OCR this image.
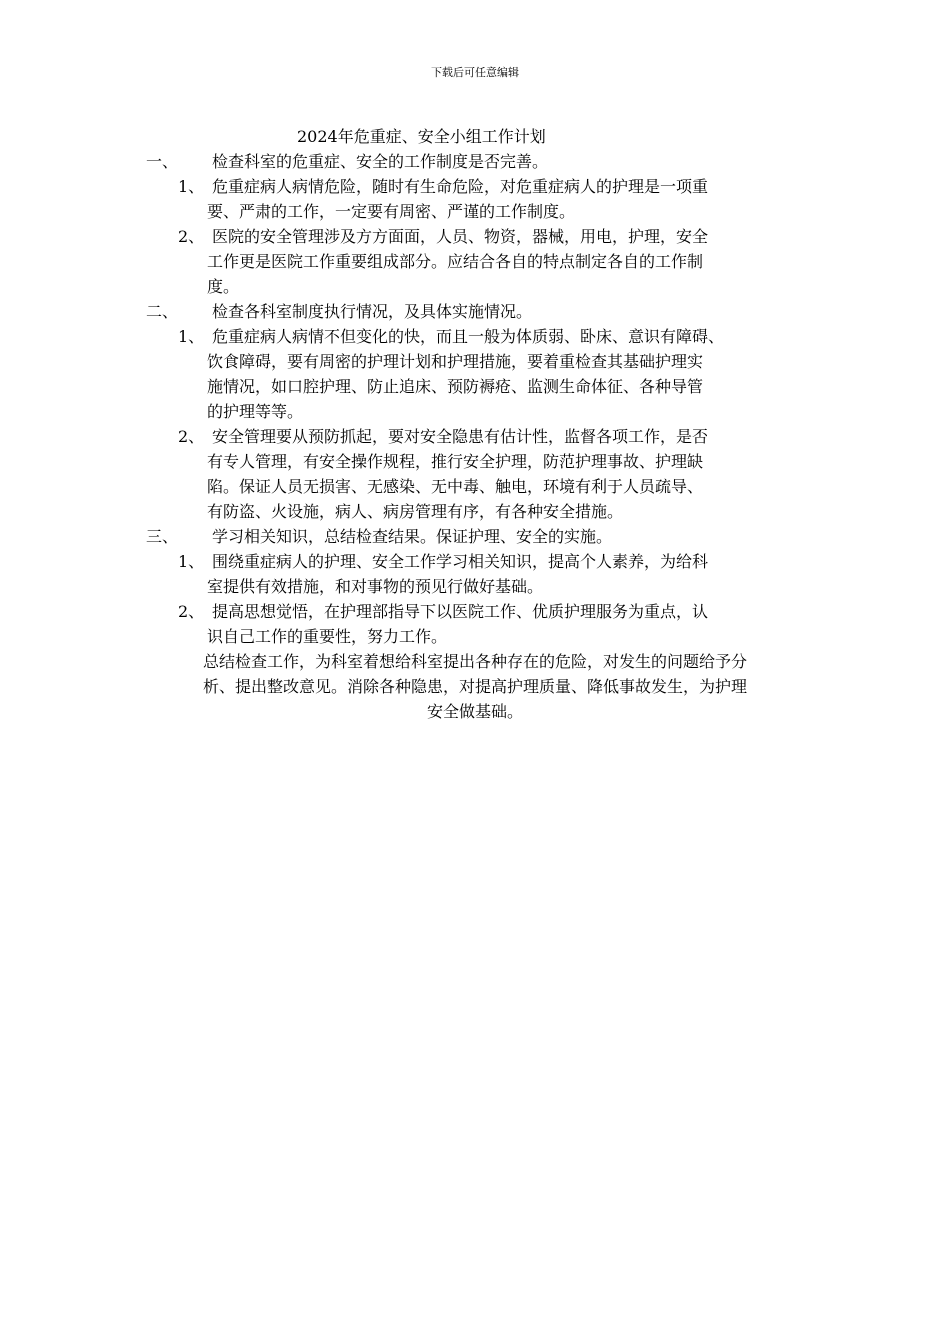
下载后可任意编辑
2024年危重症、安全小组工作计划
一、 检查科室的危重症、安全的工作制度是否完善。
1、 危重症病人病情危险，随时有生命危险，对危重症病人的护理是一项重
要、严肃的工作，一定要有周密、严谨的工作制度。
2、 医院的安全管理涉及方方面面，人员、物资，器械，用电，护理，安全
工作更是医院工作重要组成部分。应结合各自的特点制定各自的工作制
度。
二、 检查各科室制度执行情况，及具体实施情况。
1、 危重症病人病情不但变化的快，而且一般为体质弱、卧床、意识有障碍、
饮食障碍，要有周密的护理计划和护理措施，要着重检查其基础护理实
施情况，如口腔护理、防止追床、预防褥疮、监测生命体征、各种导管
的护理等等。
2、 安全管理要从预防抓起，要对安全隐患有估计性，监督各项工作，是否
有专人管理，有安全操作规程，推行安全护理，防范护理事故、护理缺
陷。保证人员无损害、无感染、无中毒、触电，环境有利于人员疏导、
有防盗、火设施，病人、病房管理有序，有各种安全措施。
三、 学习相关知识，总结检查结果。保证护理、安全的实施。
1、 围绕重症病人的护理、安全工作学习相关知识，提高个人素养，为给科
室提供有效措施，和对事物的预见行做好基础。
2、 提高思想觉悟，在护理部指导下以医院工作、优质护理服务为重点，认
识自己工作的重要性，努力工作。
总结检查工作，为科室着想给科室提出各种存在的危险，对发生的问题给予分
析、提出整改意见。消除各种隐患，对提高护理质量、降低事故发生，为护理
安全做基础。
